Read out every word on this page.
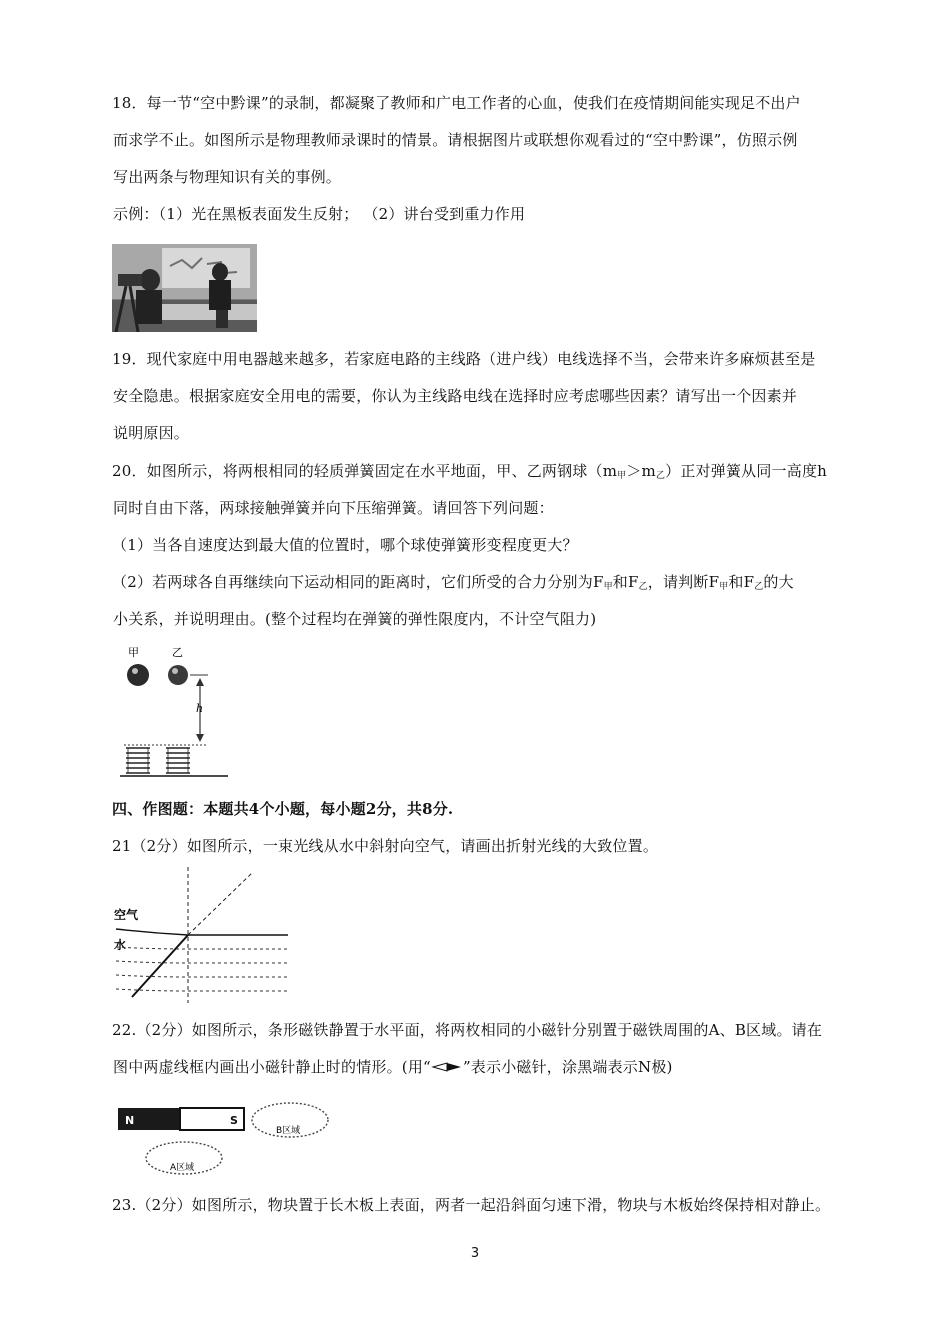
18．每一节“空中黔课”的录制，都凝聚了教师和广电工作者的心血，使我们在疫情期间能实现足不出户
而求学不止。如图所示是物理教师录课时的情景。请根据图片或联想你观看过的“空中黔课”，仿照示例
写出两条与物理知识有关的事例。
示例：（1）光在黑板表面发生反射； （2）讲台受到重力作用
19．现代家庭中用电器越来越多，若家庭电路的主线路（进户线）电线选择不当，会带来许多麻烦甚至是
安全隐患。根据家庭安全用电的需要，你认为主线路电线在选择时应考虑哪些因素？请写出一个因素并
说明原因。
20．如图所示，将两根相同的轻质弹簧固定在水平地面，甲、乙两钢球$(m_甲>m_乙)$正对弹簧从同一高度h
同时自由下落，两球接触弹簧并向下压缩弹簧。请回答下列问题：
（1）当各自速度达到最大值的位置时，哪个球使弹簧形变程度更大？
（2）若两球各自再继续向下运动相同的距离时，它们所受的合力分别为$F_甲$和$F_乙$，请判断$F_甲$和$F_乙$的大
小关系，并说明理由。(整个过程均在弹簧的弹性限度内，不计空气阻力)
甲	乙
h
四、作图题：本题共4个小题，每小题2分，共8分.
21（2分）如图所示，一束光线从水中斜射向空气，请画出折射光线的大致位置。
空气
水
22.（2分）如图所示，条形磁铁静置于水平面，将两枚相同的小磁针分别置于磁铁周围的A、B区域。请在
图中两虚线框内画出小磁针静止时的情形。(用“ ”表示小磁针，涂黑端表示N极)
N	S
B区域
A区域
23.（2分）如图所示，物块置于长木板上表面，两者一起沿斜面匀速下滑，物块与木板始终保持相对静止。
3
